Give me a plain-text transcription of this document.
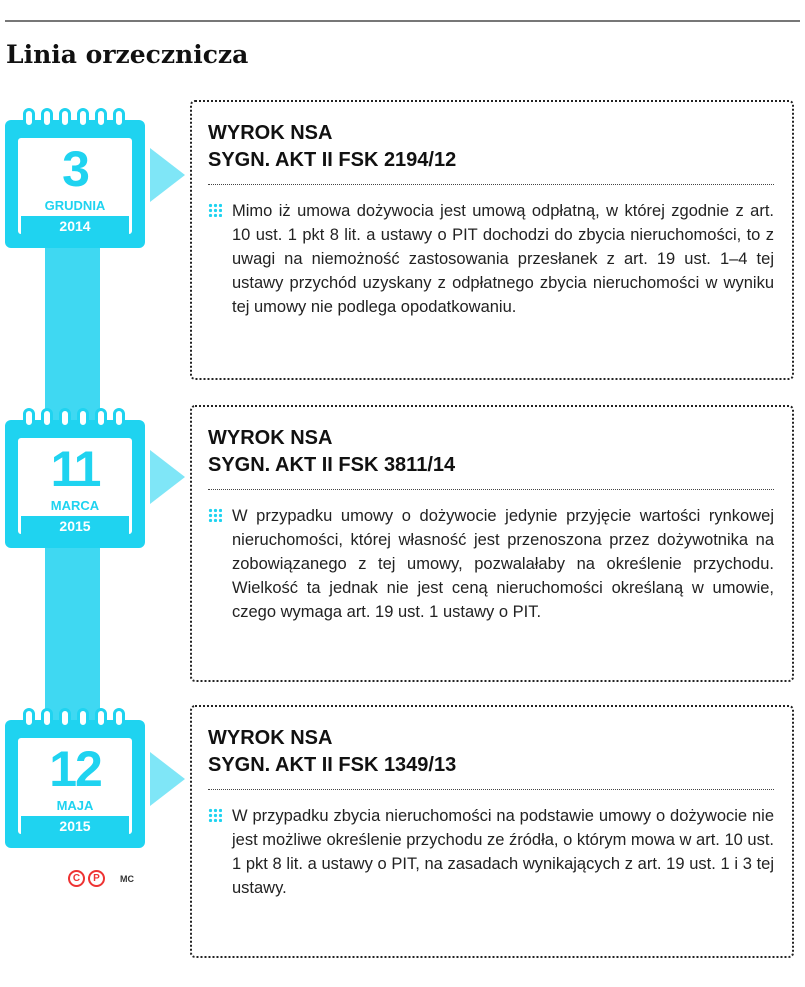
Linia orzecznicza
3
GRUDNIA
2014
WYROK NSA
SYGN. AKT II FSK 2194/12
Mimo iż umowa dożywocia jest umową odpłatną, w której zgodnie z art. 10 ust. 1 pkt 8 lit. a ustawy o PIT dochodzi do zbycia nieruchomości, to z uwagi na niemożność zastosowania przesłanek z art. 19 ust. 1–4 tej ustawy przychód uzyskany z odpłatnego zbycia nieruchomości w wyniku tej umowy nie podlega opodatkowaniu.
11
MARCA
2015
WYROK NSA
SYGN. AKT II FSK 3811/14
W przypadku umowy o dożywocie jedynie przyjęcie wartości rynkowej nieruchomości, której własność jest przenoszona przez dożywotnika na zobowiązanego z tej umowy, pozwalałaby na określenie przychodu. Wielkość ta jednak nie jest ceną nieruchomości określaną w umowie, czego wymaga art. 19 ust. 1 ustawy o PIT.
12
MAJA
2015
WYROK NSA
SYGN. AKT II FSK 1349/13
W przypadku zbycia nieruchomości na podstawie umowy o dożywocie nie jest możliwe określenie przychodu ze źródła, o którym mowa w art. 10 ust. 1 pkt 8 lit. a ustawy o PIT, na zasadach wynikających z art. 19 ust. 1 i 3 tej ustawy.
C	P	MC
